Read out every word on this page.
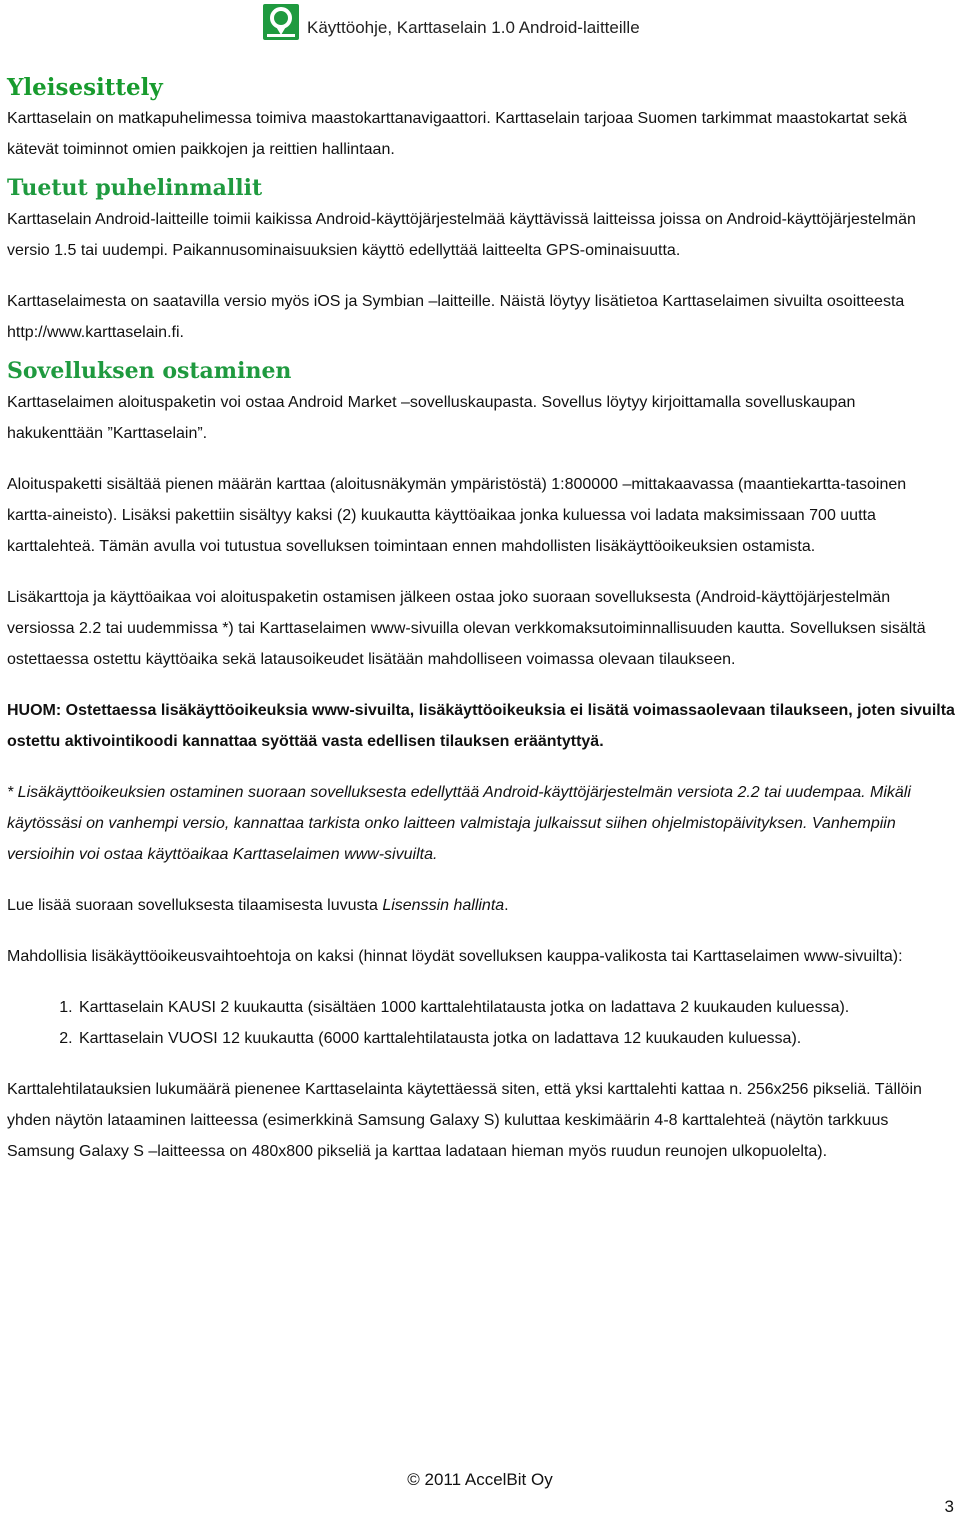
Käyttöohje, Karttaselain 1.0 Android-laitteille
Yleisesittely

Karttaselain on matkapuhelimessa toimiva maastokarttanavigaattori. Karttaselain tarjoaa Suomen tarkimmat maastokartat sekä kätevät toiminnot omien paikkojen ja reittien hallintaan.

Tuetut puhelinmallit

Karttaselain Android-laitteille toimii kaikissa Android-käyttöjärjestelmää käyttävissä laitteissa joissa on Android-käyttöjärjestelmän versio 1.5 tai uudempi. Paikannusominaisuuksien käyttö edellyttää laitteelta GPS-ominaisuutta.

Karttaselaimesta on saatavilla versio myös iOS ja Symbian –laitteille. Näistä löytyy lisätietoa Karttaselaimen sivuilta osoitteesta http://www.karttaselain.fi.

Sovelluksen ostaminen

Karttaselaimen aloituspaketin voi ostaa Android Market –sovelluskaupasta. Sovellus löytyy kirjoittamalla sovelluskaupan hakukenttään ”Karttaselain”.

Aloituspaketti sisältää pienen määrän karttaa (aloitusnäkymän ympäristöstä) 1:800000 –mittakaavassa (maantiekartta-tasoinen kartta-aineisto). Lisäksi pakettiin sisältyy kaksi (2) kuukautta käyttöaikaa jonka kuluessa voi ladata maksimissaan 700 uutta karttalehteä. Tämän avulla voi tutustua sovelluksen toimintaan ennen mahdollisten lisäkäyttöoikeuksien ostamista.

Lisäkarttoja ja käyttöaikaa voi aloituspaketin ostamisen jälkeen ostaa joko suoraan sovelluksesta (Android-käyttöjärjestelmän versiossa 2.2 tai uudemmissa *) tai Karttaselaimen www-sivuilla olevan verkkomaksutoiminnallisuuden kautta. Sovelluksen sisältä ostettaessa ostettu käyttöaika sekä latausoikeudet lisätään mahdolliseen voimassa olevaan tilaukseen.

HUOM: Ostettaessa lisäkäyttöoikeuksia www-sivuilta, lisäkäyttöoikeuksia ei lisätä voimassaolevaan tilaukseen, joten sivuilta ostettu aktivointikoodi kannattaa syöttää vasta edellisen tilauksen erääntyttyä.

* Lisäkäyttöoikeuksien ostaminen suoraan sovelluksesta edellyttää Android-käyttöjärjestelmän versiota 2.2 tai uudempaa. Mikäli käytössäsi on vanhempi versio, kannattaa tarkista onko laitteen valmistaja julkaissut siihen ohjelmistopäivityksen. Vanhempiin versioihin voi ostaa käyttöaikaa Karttaselaimen www-sivuilta.

Lue lisää suoraan sovelluksesta tilaamisesta luvusta Lisenssin hallinta.

Mahdollisia lisäkäyttöoikeusvaihtoehtoja on kaksi (hinnat löydät sovelluksen kauppa-valikosta tai Karttaselaimen www-sivuilta):

1. Karttaselain KAUSI 2 kuukautta (sisältäen 1000 karttalehtilatausta jotka on ladattava 2 kuukauden kuluessa).
2. Karttaselain VUOSI 12 kuukautta (6000 karttalehtilatausta jotka on ladattava 12 kuukauden kuluessa).

Karttalehtilatauksien lukumäärä pienenee Karttaselainta käytettäessä siten, että yksi karttalehti kattaa n. 256x256 pikseliä. Tällöin yhden näytön lataaminen laitteessa (esimerkkinä Samsung Galaxy S) kuluttaa keskimäärin 4-8 karttalehteä (näytön tarkkuus Samsung Galaxy S –laitteessa on 480x800 pikseliä ja karttaa ladataan hieman myös ruudun reunojen ulkopuolelta).

© 2011 AccelBit Oy
3
